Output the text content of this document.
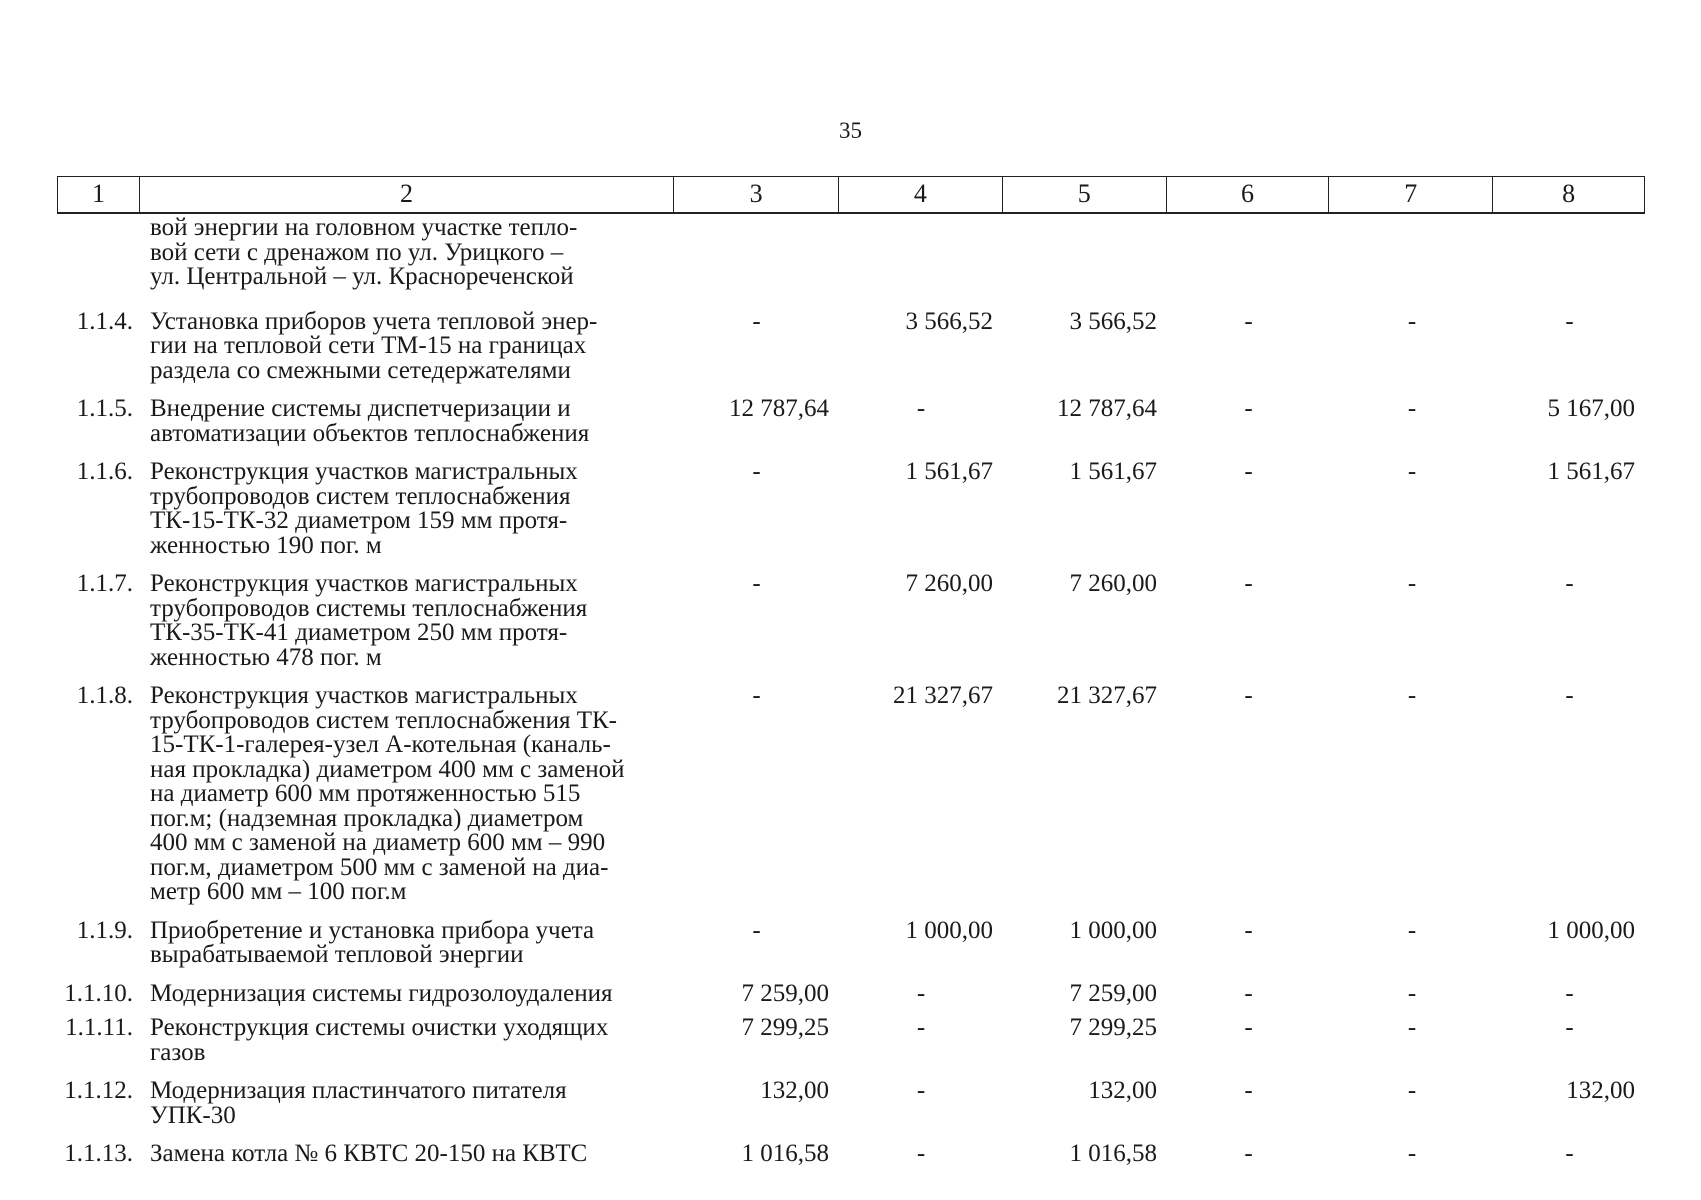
35
1	2	3	4	5	6	7	8
вой энергии на головном участке тепло-
вой сети с дренажом по ул. Урицкого –
ул. Центральной – ул. Краснореченской
1.1.4. Установка приборов учета тепловой энер-
гии на тепловой сети ТМ-15 на границах
раздела со смежными сетедержателями
-	3 566,52	3 566,52	-	-	-
1.1.5. Внедрение системы диспетчеризации и
автоматизации объектов теплоснабжения
12 787,64	-	12 787,64	-	-	5 167,00
1.1.6. Реконструкция участков магистральных
трубопроводов систем теплоснабжения
ТК-15-ТК-32 диаметром 159 мм протя-
женностью 190 пог. м
-	1 561,67	1 561,67	-	-	1 561,67
1.1.7. Реконструкция участков магистральных
трубопроводов системы теплоснабжения
ТК-35-ТК-41 диаметром 250 мм протя-
женностью 478 пог. м
-	7 260,00	7 260,00	-	-	-
1.1.8. Реконструкция участков магистральных
трубопроводов систем теплоснабжения ТК-
15-ТК-1-галерея-узел А-котельная (каналь-
ная прокладка) диаметром 400 мм с заменой
на диаметр 600 мм протяженностью 515
пог.м; (надземная прокладка) диаметром
400 мм с заменой на диаметр 600 мм – 990
пог.м, диаметром 500 мм с заменой на диа-
метр 600 мм – 100 пог.м
-	21 327,67	21 327,67	-	-	-
1.1.9. Приобретение и установка прибора учета
вырабатываемой тепловой энергии
-	1 000,00	1 000,00	-	-	1 000,00
1.1.10. Модернизация системы гидрозолоудаления	7 259,00	-	7 259,00	-	-	-
1.1.11. Реконструкция системы очистки уходящих
газов
7 299,25	-	7 299,25	-	-	-
1.1.12. Модернизация пластинчатого питателя
УПК-30
132,00	-	132,00	-	-	132,00
1.1.13. Замена котла № 6 КВТС 20-150 на КВТС	1 016,58	-	1 016,58	-	-	-
